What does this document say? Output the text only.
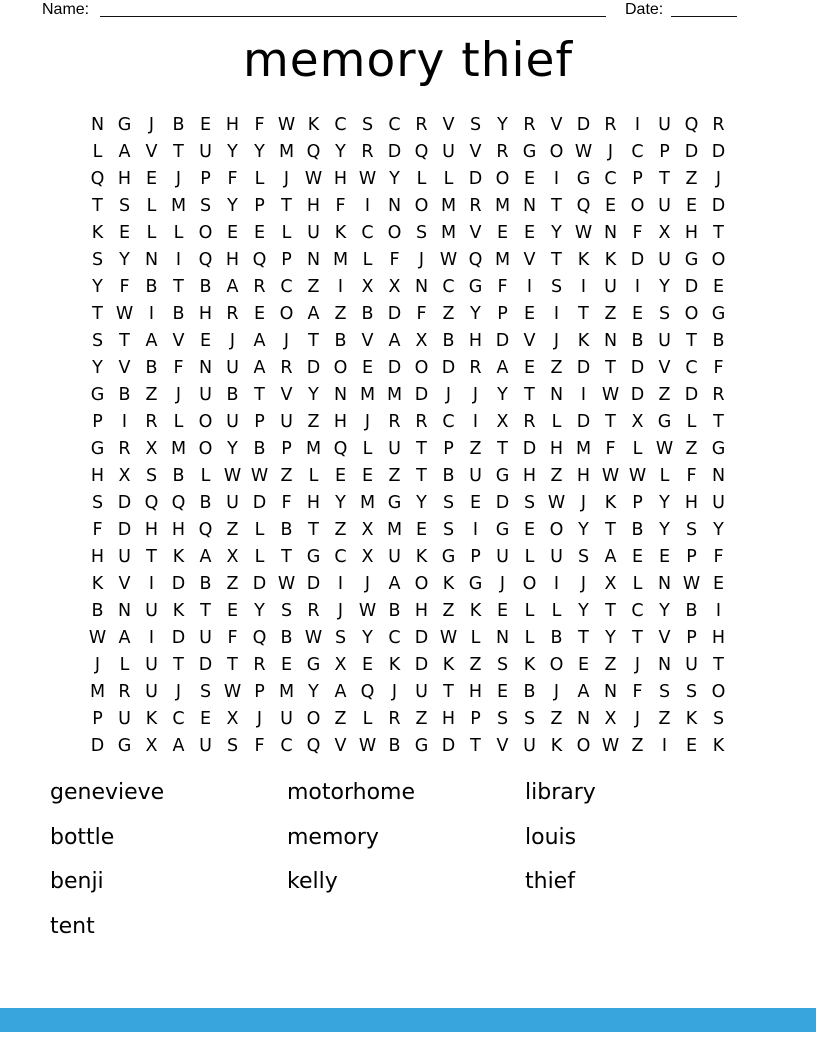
Name:	Date:
memory thief
N G	J	B E H F W K C S C R V S Y R V D R	I	U Q R
L A V T U Y Y M Q Y R D Q U V R G O W J	C P D D
Q H E	J	P F L	J W H W Y L L D O E	I	G C P T Z	J
T S L M S Y P T H F	I	N O M R M N T Q E O U E D
K E L L O E E L U K C O S M V E E Y W N F X H T
S Y N	I	Q H Q P N M L F	J W Q M V T K K D U G O
Y F B T B A R C Z	I	X X N C G F	I	S	I	U	I	Y D E
T W I	B H R E O A Z B D F Z Y P E	I	T Z E S O G
S T A V E	J	A	J	T B V A X B H D V	J	K N B U T B
Y V B F N U A R D O E D O D R A E Z D T D V C F
G B Z	J	U B T V Y N M M D	J	J	Y T N	I W D Z D R
P	I	R L O U P U Z H	J	R R C	I	X R L D T X G L T
G R X M O Y B P M Q L U T P Z T D H M F L W Z G
H X S B L W W Z L E E Z T B U G H Z H W W L F N
S D Q Q B U D F H Y M G Y S E D S W J	K P Y H U
F D H H Q Z L B T Z X M E S	I	G E O Y T B Y S Y
H U T K A X L T G C X U K G P U L U S A E E P F
K V	I	D B Z D W D	I	J	A O K G	J	O	I	J	X L N W E
B N U K T E Y S R	J W B H Z K E L L Y T C Y B	I
W A	I	D U F Q B W S Y C D W L N L B T Y T V P H
J	L U T D T R E G X E K D K Z S K O E Z	J	N U T
M R U	J	S W P M Y A Q	J	U T H E B	J	A N F S S O
P U K C E X	J	U O Z L R Z H P S S Z N X	J	Z K S
D G X A U S F C Q V W B G D T V U K O W Z	I	E K
genevieve
bottle
benji
tent
motorhome
memory
kelly
library
louis
thief
